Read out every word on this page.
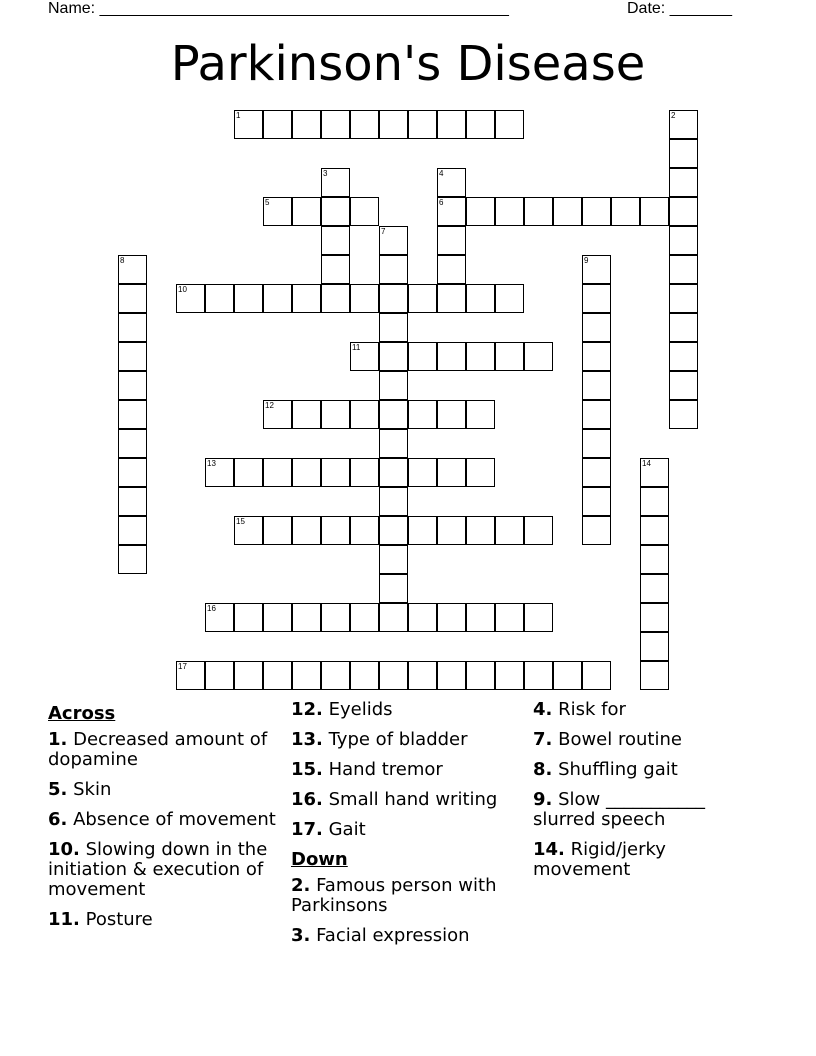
Name: ______________________________________________	Date: _______
Parkinson's Disease
1	2
3	4
6
5
7
8	9
10
11
12
13	14
15
16
17
Across
1. Decreased amount of dopamine
5. Skin
6. Absence of movement
10. Slowing down in the initiation & execution of movement
11. Posture
12. Eyelids
13. Type of bladder
15. Hand tremor
16. Small hand writing
17. Gait
Down
2. Famous person with Parkinsons
3. Facial expression
4. Risk for
7. Bowel routine
8. Shuffling gait
9. Slow ___________ slurred speech
14. Rigid/jerky movement
